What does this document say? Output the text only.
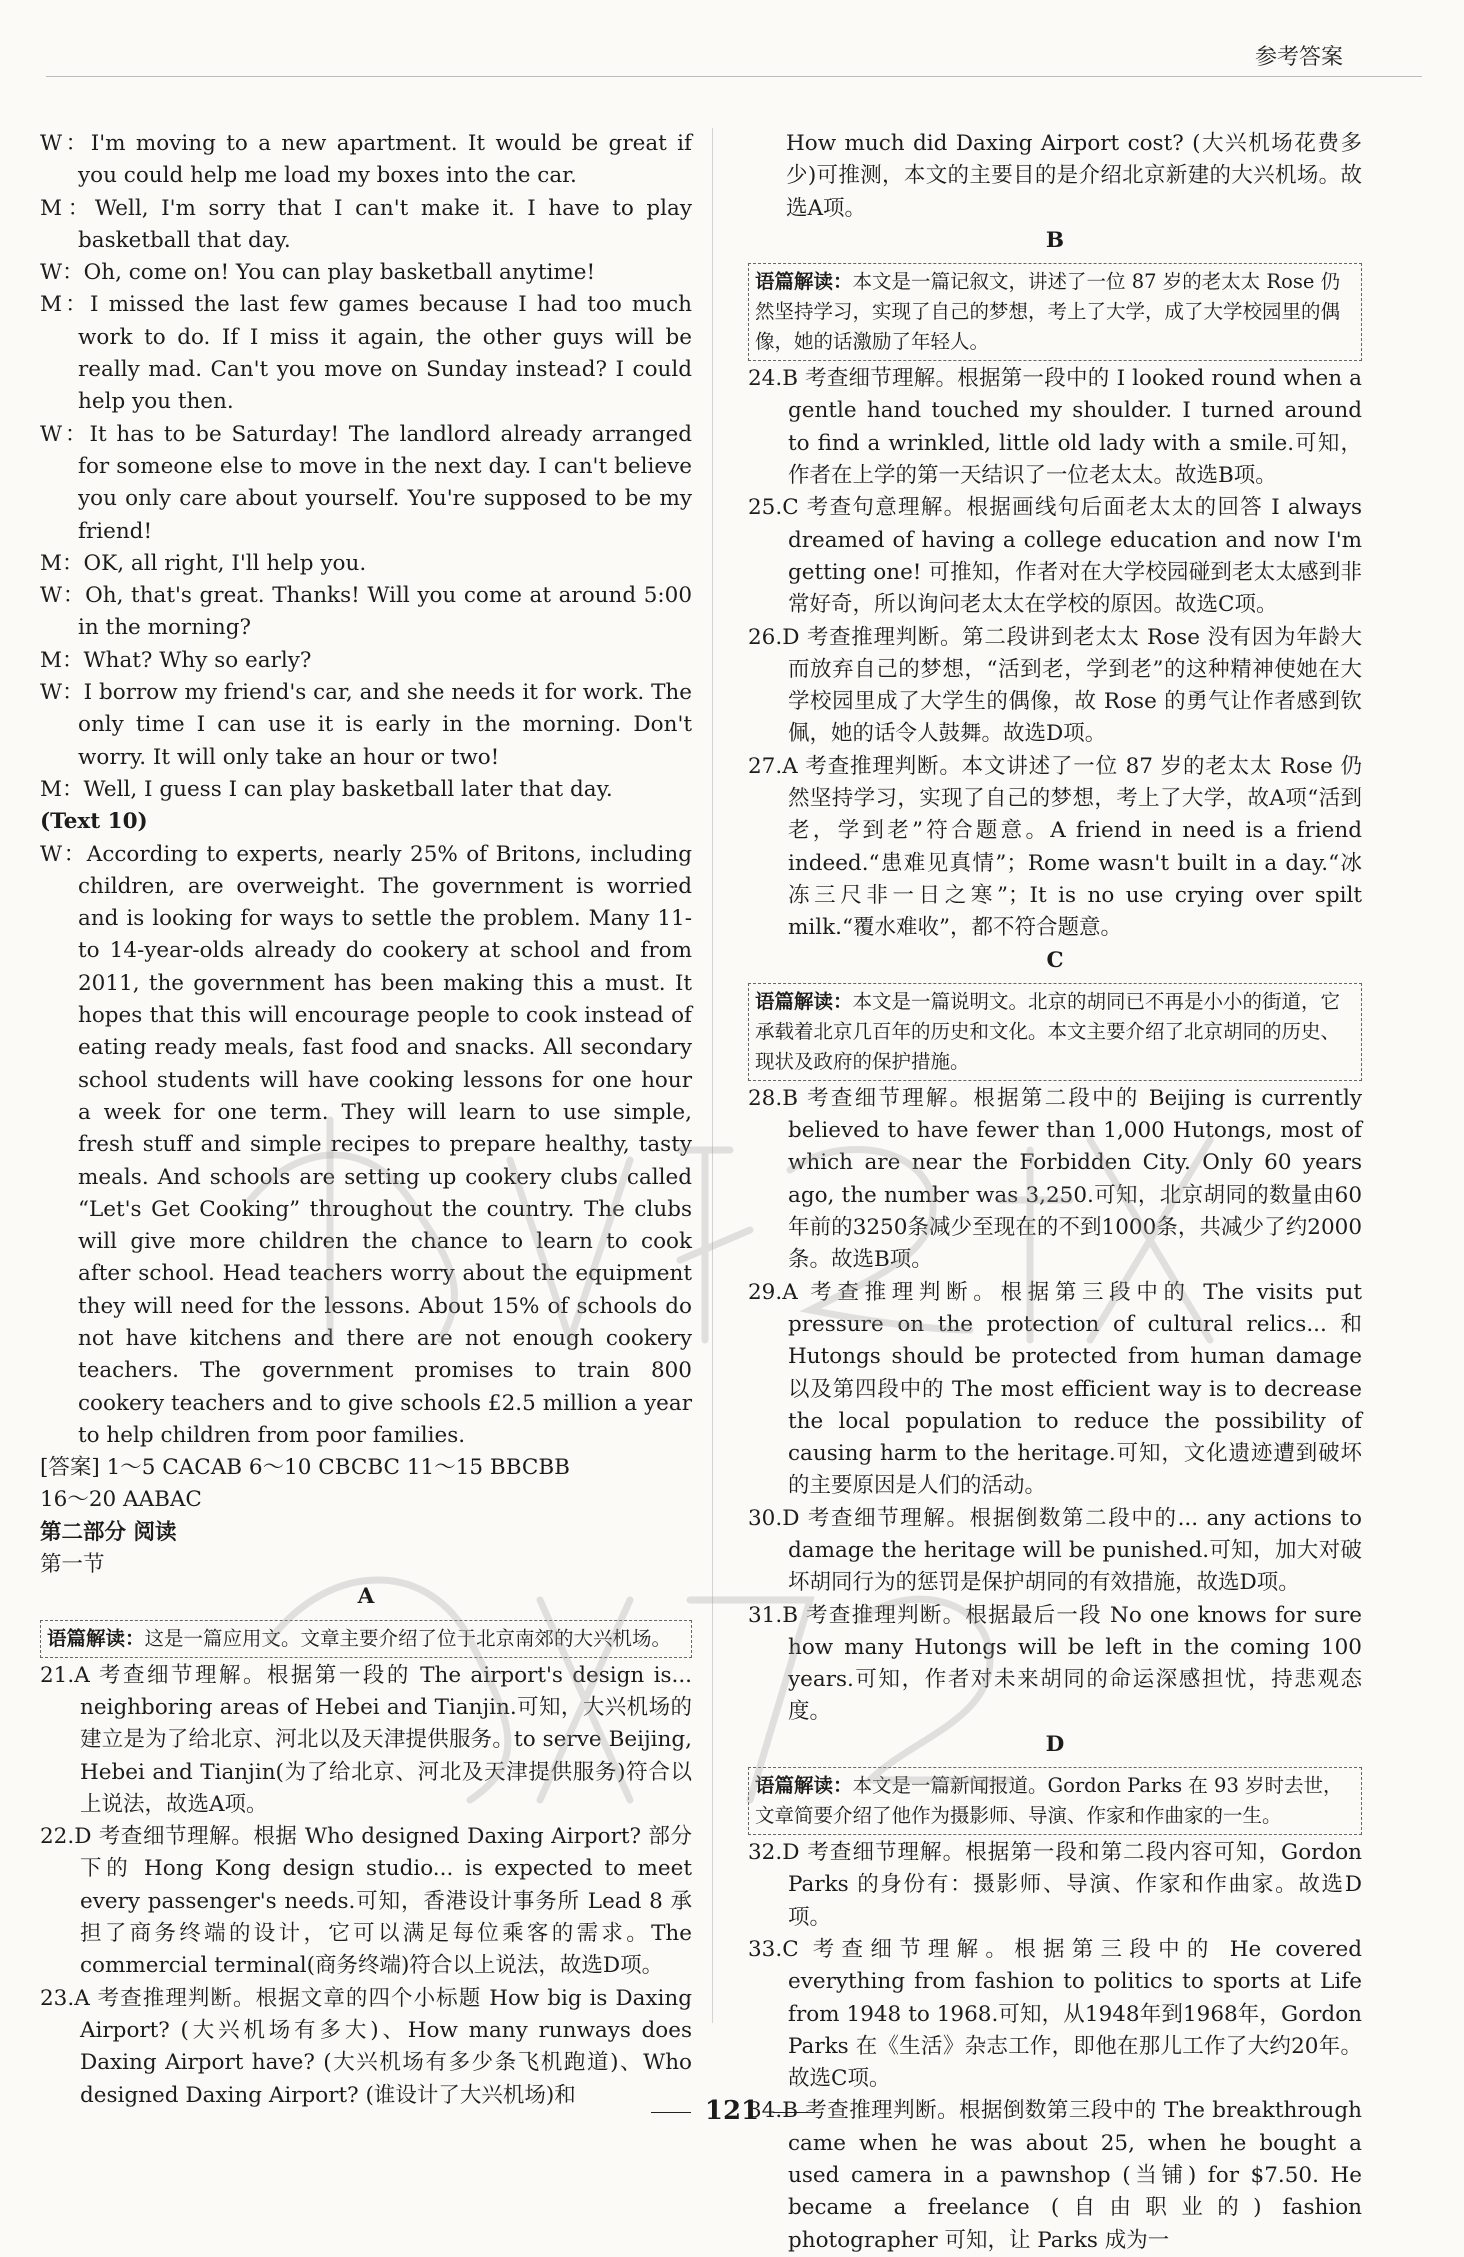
参考答案

W：I'm moving to a new apartment. It would be great if you could help me load my boxes into the car.

M：Well, I'm sorry that I can't make it. I have to play basketball that day.

W：Oh, come on! You can play basketball anytime!

M：I missed the last few games because I had too much work to do. If I miss it again, the other guys will be really mad. Can't you move on Sunday instead? I could help you then.

W：It has to be Saturday! The landlord already arranged for someone else to move in the next day. I can't believe you only care about yourself. You're supposed to be my friend!

M：OK, all right, I'll help you.

W：Oh, that's great. Thanks! Will you come at around 5:00 in the morning?

M：What? Why so early?

W：I borrow my friend's car, and she needs it for work. The only time I can use it is early in the morning. Don't worry. It will only take an hour or two!

M：Well, I guess I can play basketball later that day.

(Text 10)

W：According to experts, nearly 25% of Britons, including children, are overweight. The government is worried and is looking for ways to settle the problem. Many 11-to 14-year-olds already do cookery at school and from 2011, the government has been making this a must. It hopes that this will encourage people to cook instead of eating ready meals, fast food and snacks. All secondary school students will have cooking lessons for one hour a week for one term. They will learn to use simple, fresh stuff and simple recipes to prepare healthy, tasty meals. And schools are setting up cookery clubs called “Let's Get Cooking” throughout the country. The clubs will give more children the chance to learn to cook after school. Head teachers worry about the equipment they will need for the lessons. About 15% of schools do not have kitchens and there are not enough cookery teachers. The government promises to train 800 cookery teachers and to give schools £2.5 million a year to help children from poor families.

[答案] 1～5 CACAB 6～10 CBCBC 11～15 BBCBB

16～20 AABAC

第二部分 阅读

第一节

A

语篇解读：这是一篇应用文。文章主要介绍了位于北京南郊的大兴机场。

21.A 考查细节理解。根据第一段的 The airport's design is... neighboring areas of Hebei and Tianjin.可知，大兴机场的建立是为了给北京、河北以及天津提供服务。to serve Beijing, Hebei and Tianjin(为了给北京、河北及天津提供服务)符合以上说法，故选A项。

22.D 考查细节理解。根据 Who designed Daxing Airport? 部分下的 Hong Kong design studio... is expected to meet every passenger's needs.可知，香港设计事务所 Lead 8 承担了商务终端的设计，它可以满足每位乘客的需求。The commercial terminal(商务终端)符合以上说法，故选D项。

23.A 考查推理判断。根据文章的四个小标题 How big is Daxing Airport? (大兴机场有多大)、How many runways does Daxing Airport have? (大兴机场有多少条飞机跑道)、Who designed Daxing Airport? (谁设计了大兴机场)和

How much did Daxing Airport cost? (大兴机场花费多少)可推测，本文的主要目的是介绍北京新建的大兴机场。故选A项。

B

语篇解读：本文是一篇记叙文，讲述了一位 87 岁的老太太 Rose 仍然坚持学习，实现了自己的梦想，考上了大学，成了大学校园里的偶像，她的话激励了年轻人。

24.B 考查细节理解。根据第一段中的 I looked round when a gentle hand touched my shoulder. I turned around to find a wrinkled, little old lady with a smile.可知，作者在上学的第一天结识了一位老太太。故选B项。

25.C 考查句意理解。根据画线句后面老太太的回答 I always dreamed of having a college education and now I'm getting one! 可推知，作者对在大学校园碰到老太太感到非常好奇，所以询问老太太在学校的原因。故选C项。

26.D 考查推理判断。第二段讲到老太太 Rose 没有因为年龄大而放弃自己的梦想，“活到老，学到老”的这种精神使她在大学校园里成了大学生的偶像，故 Rose 的勇气让作者感到钦佩，她的话令人鼓舞。故选D项。

27.A 考查推理判断。本文讲述了一位 87 岁的老太太 Rose 仍然坚持学习，实现了自己的梦想，考上了大学，故A项“活到老，学到老”符合题意。A friend in need is a friend indeed.“患难见真情”；Rome wasn't built in a day.“冰冻三尺非一日之寒”；It is no use crying over spilt milk.“覆水难收”，都不符合题意。

C

语篇解读：本文是一篇说明文。北京的胡同已不再是小小的街道，它承载着北京几百年的历史和文化。本文主要介绍了北京胡同的历史、现状及政府的保护措施。

28.B 考查细节理解。根据第二段中的 Beijing is currently believed to have fewer than 1,000 Hutongs, most of which are near the Forbidden City. Only 60 years ago, the number was 3,250.可知，北京胡同的数量由60年前的3250条减少至现在的不到1000条，共减少了约2000条。故选B项。

29.A 考查推理判断。根据第三段中的 The visits put pressure on the protection of cultural relics... 和 Hutongs should be protected from human damage 以及第四段中的 The most efficient way is to decrease the local population to reduce the possibility of causing harm to the heritage.可知，文化遗迹遭到破坏的主要原因是人们的活动。

30.D 考查细节理解。根据倒数第二段中的... any actions to damage the heritage will be punished.可知，加大对破坏胡同行为的惩罚是保护胡同的有效措施，故选D项。

31.B 考查推理判断。根据最后一段 No one knows for sure how many Hutongs will be left in the coming 100 years.可知，作者对未来胡同的命运深感担忧，持悲观态度。

D

语篇解读：本文是一篇新闻报道。Gordon Parks 在 93 岁时去世，文章简要介绍了他作为摄影师、导演、作家和作曲家的一生。

32.D 考查细节理解。根据第一段和第二段内容可知，Gordon Parks 的身份有：摄影师、导演、作家和作曲家。故选D项。

33.C 考查细节理解。根据第三段中的 He covered everything from fashion to politics to sports at Life from 1948 to 1968.可知，从1948年到1968年，Gordon Parks 在《生活》杂志工作，即他在那儿工作了大约20年。故选C项。

34.B 考查推理判断。根据倒数第三段中的 The breakthrough came when he was about 25, when he bought a used camera in a pawnshop (当铺) for $7.50. He became a freelance (自由职业的) fashion photographer 可知，让 Parks 成为一

121
